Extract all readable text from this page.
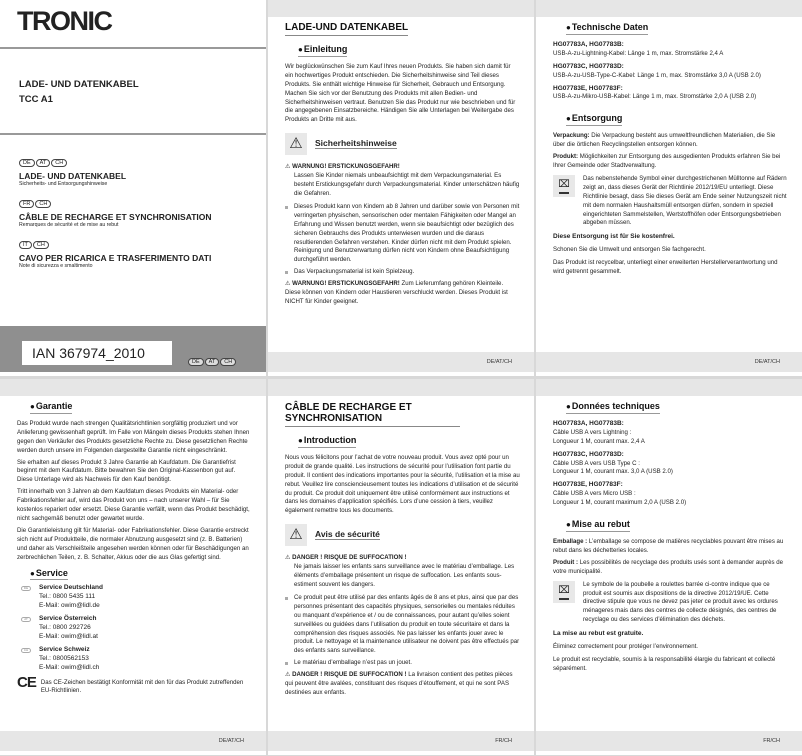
TRONIC
LADE- UND DATENKABEL
TCC A1
DE AT CH
LADE- UND DATENKABEL
Sicherheits- und Entsorgungshinweise
FR CH
CÂBLE DE RECHARGE ET SYNCHRONISATION
Remarques de sécurité et de mise au rebut
IT CH
CAVO PER RICARICA E TRASFERIMENTO DATI
Note di sicurezza e smaltimento
IAN 367974_2010
DE AT CH
LADE-UND DATENKABEL
● Einleitung

Wir beglückwünschen Sie zum Kauf Ihres neuen Produkts. Sie haben sich damit für ein hochwertiges Produkt entschieden. Die Sicherheitshinweise sind Teil dieses Produkts. Sie enthält wichtige Hinweise für Sicherheit, Gebrauch und Entsorgung. Machen Sie sich vor der Benutzung des Produkts mit allen Bedien- und Sicherheitshinweisen vertraut. Benutzen Sie das Produkt nur wie beschrieben und für die angegebenen Einsatzbereiche. Händigen Sie alle Unterlagen bei Weitergabe des Produkts an Dritte mit aus.

⚠	Sicherheitshinweise
⚠ WARNUNG! ERSTICKUNGSGEFAHR!
Lassen Sie Kinder niemals unbeaufsichtigt mit dem Verpackungsmaterial. Es besteht Erstickungsgefahr durch Verpackungsmaterial. Kinder unterschätzen häufig die Gefahren.
Dieses Produkt kann von Kindern ab 8 Jahren und darüber sowie von Personen mit verringerten physischen, sensorischen oder mentalen Fähigkeiten oder Mangel an Erfahrung und Wissen benutzt werden, wenn sie beaufsichtigt oder bezüglich des sicheren Gebrauchs des Produkts unterwiesen wurden und die daraus resultierenden Gefahren verstehen. Kinder dürfen nicht mit dem Produkt spielen. Reinigung und Benutzerwartung dürfen nicht von Kindern ohne Beaufsichtigung durchgeführt werden.
Das Verpackungsmaterial ist kein Spielzeug.
⚠ WARNUNG! ERSTICKUNGSGEFAHR! Zum Lieferumfang gehören Kleinteile. Diese können von Kindern oder Haustieren verschluckt werden. Dieses Produkt ist NICHT für Kinder geeignet.
DE/AT/CH
CÂBLE DE RECHARGE ET SYNCHRONISATION
● Introduction

Nous vous félicitons pour l’achat de votre nouveau produit. Vous avez opté pour un produit de grande qualité. Les instructions de sécurité pour l’utilisation font partie du produit. Il contient des indications importantes pour la sécurité, l’utilisation et la mise au rebut. Veuillez lire consciencieusement toutes les indications d’utilisation et de sécurité du produit. Ce produit doit uniquement être utilisé conformément aux instructions et dans les domaines d’application spécifiés. Lors d’une cession à tiers, veuillez également remettre tous les documents.

⚠	Avis de sécurité
⚠ DANGER ! RISQUE DE SUFFOCATION !
Ne jamais laisser les enfants sans surveillance avec le matériau d’emballage. Les éléments d’emballage présentent un risque de suffocation. Les enfants sous-estiment souvent les dangers.
Ce produit peut être utilisé par des enfants âgés de 8 ans et plus, ainsi que par des personnes présentant des capacités physiques, sensorielles ou mentales réduites ou manquant d’expérience et / ou de connaissances, pour autant qu’elles soient surveillées ou guidées dans l’utilisation du produit en toute sécuritaire et dans la compréhension des risques associés. Ne pas laisser les enfants jouer avec le produit. Le nettoyage et la maintenance utilisateur ne doivent pas être effectués par des enfants sans surveillance.
Le matériau d’emballage n’est pas un jouet.
⚠ DANGER ! RISQUE DE SUFFOCATION ! La livraison contient des petites pièces qui peuvent être avalées, constituant des risques d’étouffement, et qui ne sont PAS destinées aux enfants.
FR/CH
● Technische Daten
HG07783A, HG07783B:
USB-A-zu-Lightning-Kabel: Länge 1 m, max. Stromstärke 2,4 A
HG07783C, HG07783D:
USB-A-zu-USB-Type-C-Kabel: Länge 1 m, max. Stromstärke 3,0 A (USB 2.0)
HG07783E, HG07783F:
USB-A-zu-Mikro-USB-Kabel: Länge 1 m, max. Stromstärke 2,0 A (USB 2.0)
● Entsorgung

Verpackung: Die Verpackung besteht aus umweltfreundlichen Materialien, die Sie über die örtlichen Recyclingstellen entsorgen können.

Produkt: Möglichkeiten zur Entsorgung des ausgedienten Produkts erfahren Sie bei Ihrer Gemeinde oder Stadtverwaltung.

⌧
Das nebenstehende Symbol einer durchgestrichenen Mülltonne auf Rädern zeigt an, dass dieses Gerät der Richtlinie 2012/19/EU unterliegt. Diese Richtlinie besagt, dass Sie dieses Gerät am Ende seiner Nutzungszeit nicht mit dem normalen Haushaltsmüll entsorgen dürfen, sondern in speziell eingerichteten Sammelstellen, Wertstoffhöfen oder Entsorgungsbetrieben abgeben müssen.

Diese Entsorgung ist für Sie kostenfrei.

Schonen Sie die Umwelt und entsorgen Sie fachgerecht.

Das Produkt ist recycelbar, unterliegt einer erweiterten Herstellerverantwortung und wird getrennt gesammelt.

DE/AT/CH
● Données techniques
HG07783A, HG07783B:
Câble USB A vers Lightning :
Longueur 1 M, courant max. 2,4 A
HG07783C, HG07783D:
Câble USB A vers USB Type C :
Longueur 1 M, courant max. 3,0 A (USB 2.0)
HG07783E, HG07783F:
Câble USB A vers Micro USB :
Longueur 1 M, courant maximum 2,0 A (USB 2.0)
● Mise au rebut

Emballage : L’emballage se compose de matières recyclables pouvant être mises au rebut dans les déchetteries locales.

Produit : Les possibilités de recyclage des produits usés sont à demander auprès de votre municipalité.

⌧
Le symbole de la poubelle a roulettes barrée ci-contre indique que ce produit est soumis aux dispositions de la directive 2012/19/UE. Cette directive stipule que vous ne devez pas jeter ce produit avec les ordures ménageres mais dans des centres de collecte désignés, des centres de recyclage ou des services d’élimination des déchets.

La mise au rebut est gratuite.

Éliminez correctement pour protéger l’environnement.

Le produit est recyclable, soumis à la responsabilité élargie du fabricant et collecté séparément.

FR/CH
● Garantie

Das Produkt wurde nach strengen Qualitätsrichtlinien sorgfältig produziert und vor Anlieferung gewissenhaft geprüft. Im Falle von Mängeln dieses Produkts stehen Ihnen gegen den Verkäufer des Produkts gesetzliche Rechte zu. Diese gesetzlichen Rechte werden durch unsere im Folgenden dargestellte Garantie nicht eingeschränkt.

Sie erhalten auf dieses Produkt 3 Jahre Garantie ab Kaufdatum. Die Garantiefrist beginnt mit dem Kaufdatum. Bitte bewahren Sie den Original-Kassenbon gut auf. Diese Unterlage wird als Nachweis für den Kauf benötigt.

Tritt innerhalb von 3 Jahren ab dem Kaufdatum dieses Produkts ein Material- oder Fabrikationsfehler auf, wird das Produkt von uns – nach unserer Wahl – für Sie kostenlos repariert oder ersetzt. Diese Garantie verfällt, wenn das Produkt beschädigt, nicht sachgemäß benutzt oder gewartet wurde.

Die Garantieleistung gilt für Material- oder Fabrikationsfehler. Diese Garantie erstreckt sich nicht auf Produktteile, die normaler Abnutzung ausgesetzt sind (z. B. Batterien) und daher als Verschleißteile angesehen werden können oder für Beschädigungen an zerbrechlichen Teilen, z. B. Schalter, Akkus oder die aus Glas gefertigt sind.

● Service
DE	Service Deutschland
Tel.: 0800 5435 111
E-Mail: owim@lidl.de
AT	Service Österreich
Tel.: 0800 292726
E-Mail: owim@lidl.at
CH	Service Schweiz
Tel.: 0800562153
E-Mail: owim@lidl.ch
CE Das CE-Zeichen bestätigt Konformität mit den für das Produkt zutreffenden EU-Richtlinien.
DE/AT/CH
